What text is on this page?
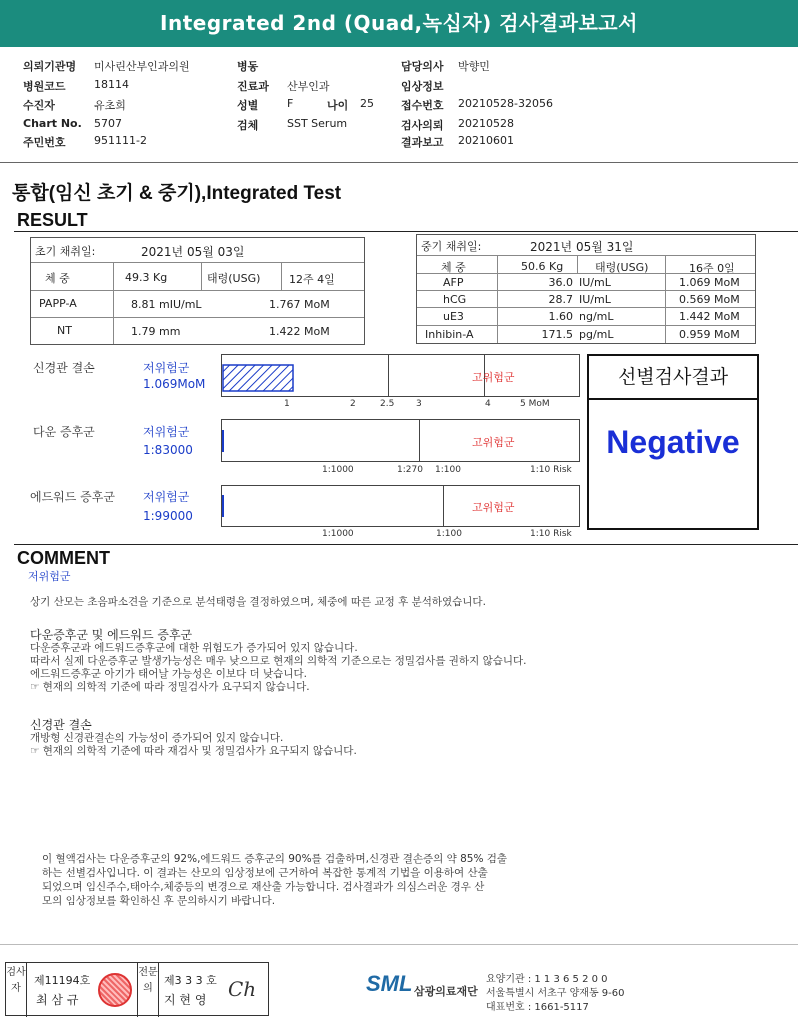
Integrated 2nd (Quad,녹십자) 검사결과보고서
의뢰기관명 미사린산부인과의원
병원코드	18114
수진자	유초희
Chart No. 5707
주민번호	951111-2
병동
진료과 산부인과
성별	F	나이 25
검체	SST Serum
담당의사 박향민
임상정보
접수번호 20210528-32056
검사의뢰 20210528
결과보고 20210601
통합(임신 초기 & 중기),Integrated Test
RESULT
초기 채취일:	2021년 05월 03일
체 중	49.3 Kg	태령(USG)	12주 4일
PAPP-A	8.81 mIU/mL	1.767 MoM
NT	1.79 mm	1.422 MoM
중기 채취일:	2021년 05월 31일
체 중	50.6 Kg	태령(USG)	16주 0일
AFP	36.0 IU/mL	1.069 MoM
hCG	28.7 IU/mL	0.569 MoM
uE3	1.60 ng/mL	1.442 MoM
Inhibin-A	171.5 pg/mL	0.959 MoM
신경관 결손	저위험군
1.069MoM	고위험군
1	2	2.5 3	4	5 MoM
다운 증후군	저위험군
1:83000
고위험군
1:1000	1:270 1:100	1:10 Risk
에드워드 증후군 저위험군
1:99000
고위험군
1:1000	1:100	1:10 Risk
선별검사결과
Negative
COMMENT
저위험군
상기 산모는 초음파소견을 기준으로 분석태령을 결정하였으며, 체중에 따른 교정 후 분석하였습니다.
다운증후군 및 에드워드 증후군
다운증후군과 에드워드증후군에 대한 위험도가 증가되어 있지 않습니다.
따라서 실제 다운증후군 발생가능성은 매우 낮으므로 현재의 의학적 기준으로는 정밀검사를 권하지 않습니다.
에드워드증후군 아기가 태어날 가능성은 이보다 더 낮습니다.
☞ 현재의 의학적 기준에 따라 정밀검사가 요구되지 않습니다.
신경관 결손
개방형 신경관결손의 가능성이 증가되어 있지 않습니다.
☞ 현재의 의학적 기준에 따라 재검사 및 정밀검사가 요구되지 않습니다.
이 혈액검사는 다운증후군의 92%,에드워드 증후군의 90%를 검출하며,신경관 결손증의 약 85% 검출
하는 선별검사입니다. 이 결과는 산모의 임상정보에 근거하여 복잡한 통계적 기법을 이용하여 산출
되었으며 임신주수,태아수,체중등의 변경으로 재산출 가능합니다. 검사결과가 의심스러운 경우 산
모의 임상정보를 확인하신 후 문의하시기 바랍니다.
검사자
제11194호
최 삼 규
전문의
제3 3 3 호
지 현 영 Ch	SML 삼광의료재단
요양기관 : 1 1 3 6 5 2 0 0
서울특별시 서초구 양재동 9-60
대표번호 : 1661-5117
